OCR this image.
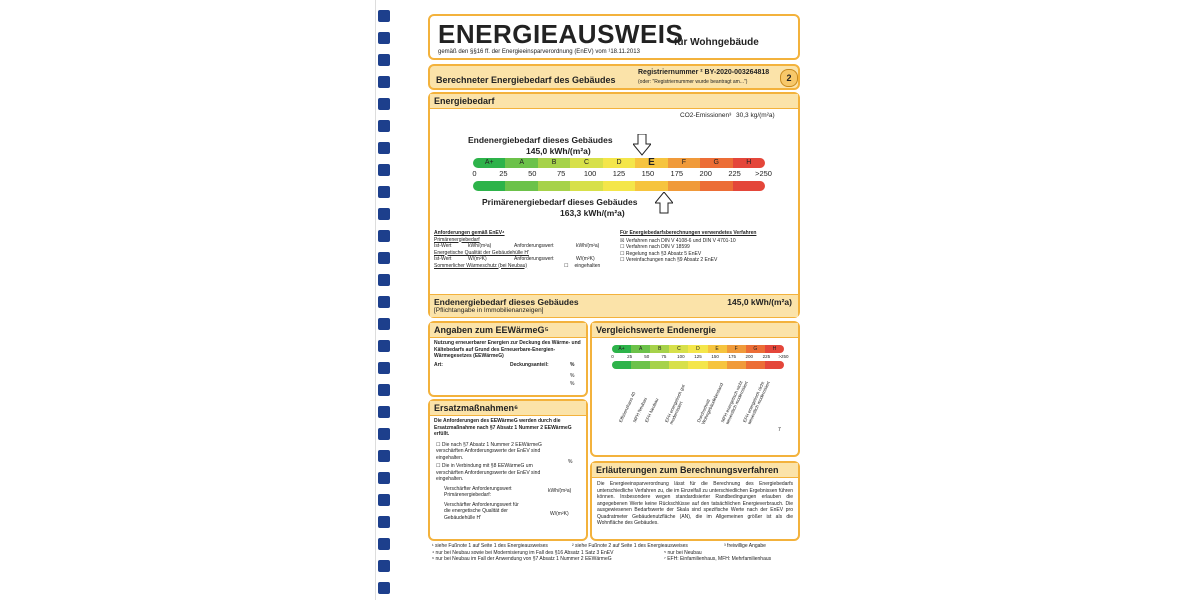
ENERGIEAUSWEIS
für Wohngebäude
gemäß den §§16 ff. der Energieeinsparverordnung (EnEV) vom ¹18.11.2013
Berechneter Energiebedarf des Gebäudes
Registriernummer ² BY-2020-003264818
(oder: "Registriernummer wurde beantragt am...")	2
Energiebedarf
CO2-Emissionen³ 30,3 kg/(m²a)
Endenergiebedarf dieses Gebäudes
145,0 kWh/(m²a)
A+	A	B	C	D	E	F	G	H
0	25	50	75	100	125	150	175	200	225	>250
Primärenergiebedarf dieses Gebäudes
163,3 kWh/(m²a)
Anforderungen gemäß EnEV⁴
Primärenergiebedarf
Ist-Wert	kWh/(m²a)	Anforderungswert	kWh/(m²a)
Energetische Qualität der Gebäudehülle H'
Ist-Wert	W/(m²K)	Anforderungswert	W/(m²K)
Sommerlicher Wärmeschutz (bei Neubau)	☐ eingehalten
Für Energiebedarfsberechnungen verwendetes Verfahren
☒ Verfahren nach DIN V 4108-6 und DIN V 4701-10
☐ Verfahren nach DIN V 18599
☐ Regelung nach §3 Absatz 5 EnEV
☐ Vereinfachungen nach §9 Absatz 2 EnEV
Endenergiebedarf dieses Gebäudes	145,0 kWh/(m²a)
[Pflichtangabe in Immobilienanzeigen]
Angaben zum EEWärmeG⁵
Nutzung erneuerbarer Energien zur Deckung des Wärme- und Kältebedarfs auf Grund des Erneuerbare-Energien-Wärmegesetzes (EEWärmeG)
Art:	Deckungsanteil:	%
%
%
Ersatzmaßnahmen⁶
Die Anforderungen des EEWärmeG werden durch die Ersatzmaßnahme nach §7 Absatz 1 Nummer 2 EEWärmeG erfüllt.
☐ Die nach §7 Absatz 1 Nummer 2 EEWärmeG verschärften Anforderungswerte der EnEV sind eingehalten.
☐ Die in Verbindung mit §8 EEWärmeG um verschärften Anforderungswerte der EnEV sind eingehalten.
%
Verschärfter Anforderungswert Primärenergiebedarf:
kWh/(m²a)
Verschärfter Anforderungswert für die energetische Qualität der Gebäudehülle H'
W/(m²K)
Vergleichswerte Endenergie
A+	A	B	C	D	E	F	G	H
0	25	50	75	100	125	150	175	200	225	>250
Effizienzhaus 40
MFH Neubau
EFH Neubau EFH energetisch gut modernisiert	Durchschnitt Wohngebäudebestand
MFH energetisch nicht wesentlich modernisiert
EFH energetisch nicht wesentlich modernisiert
7
Erläuterungen zum Berechnungsverfahren
Die Energieeinsparverordnung lässt für die Berechnung des Energiebedarfs unterschiedliche Verfahren zu, die im Einzelfall zu unterschiedlichen Ergebnissen führen können. Insbesondere wegen standardisierter Randbedingungen erlauben die angegebenen Werte keine Rückschlüsse auf den tatsächlichen Energieverbrauch. Die ausgewiesenen Bedarfswerte der Skala sind spezifische Werte nach der EnEV pro Quadratmeter Gebäudenutzfläche (AN), die im Allgemeinen größer ist als die Wohnfläche des Gebäudes.
¹ siehe Fußnote 1 auf Seite 1 des Energieausweises	² siehe Fußnote 2 auf Seite 1 des Energieausweises	³ freiwillige Angabe
⁴ nur bei Neubau sowie bei Modernisierung im Fall des §16 Absatz 1 Satz 3 EnEV	⁵ nur bei Neubau
⁶ nur bei Neubau im Fall der Anwendung von §7 Absatz 1 Nummer 2 EEWärmeG	⁷ EFH: Einfamilienhaus, MFH: Mehrfamilienhaus
